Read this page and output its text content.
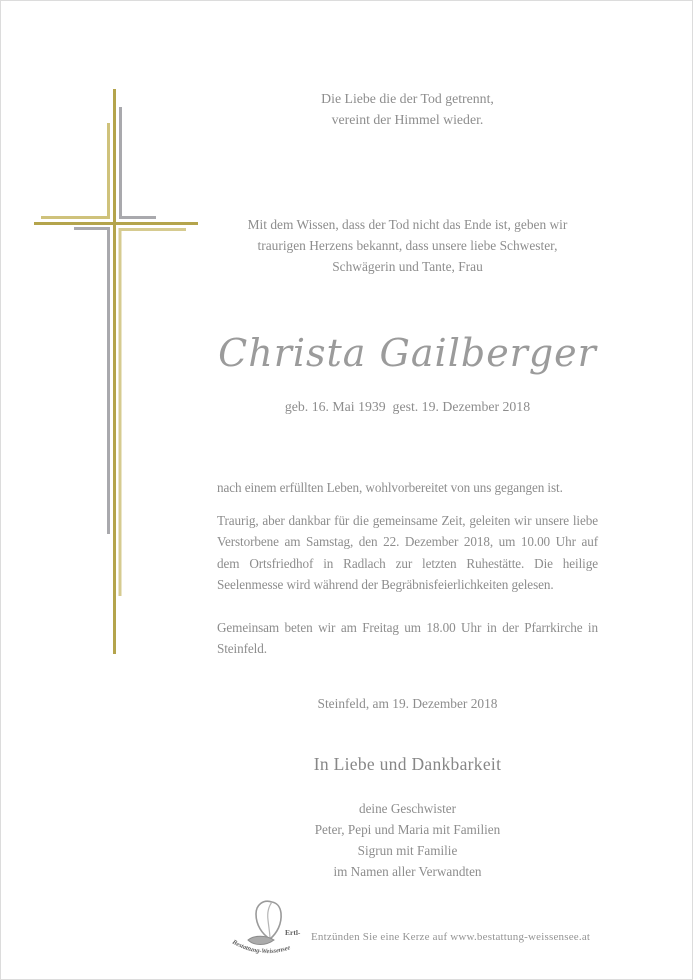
Die Liebe die der Tod getrennt,
vereint der Himmel wieder.
Mit dem Wissen, dass der Tod nicht das Ende ist, geben wir
traurigen Herzens bekannt, dass unsere liebe Schwester,
Schwägerin und Tante, Frau
Christa Gailberger
geb. 16. Mai 1939  gest. 19. Dezember 2018

nach einem erfüllten Leben, wohlvorbereitet von uns gegangen ist.

Traurig, aber dankbar für die gemeinsame Zeit, geleiten wir unsere liebe Verstorbene am Samstag, den 22. Dezember 2018, um 10.00 Uhr auf dem Ortsfriedhof in Radlach zur letzten Ruhestätte. Die heilige Seelenmesse wird während der Begräbnisfeierlichkeiten gelesen.

Gemeinsam beten wir am Freitag um 18.00 Uhr in der Pfarrkirche in Steinfeld.

Steinfeld, am 19. Dezember 2018
In Liebe und Dankbarkeit
deine Geschwister
Peter, Pepi und Maria mit Familien
Sigrun mit Familie
im Namen aller Verwandten
Ertl-
Bestattung-Weissensee
Entzünden Sie eine Kerze auf www.bestattung-weissensee.at
